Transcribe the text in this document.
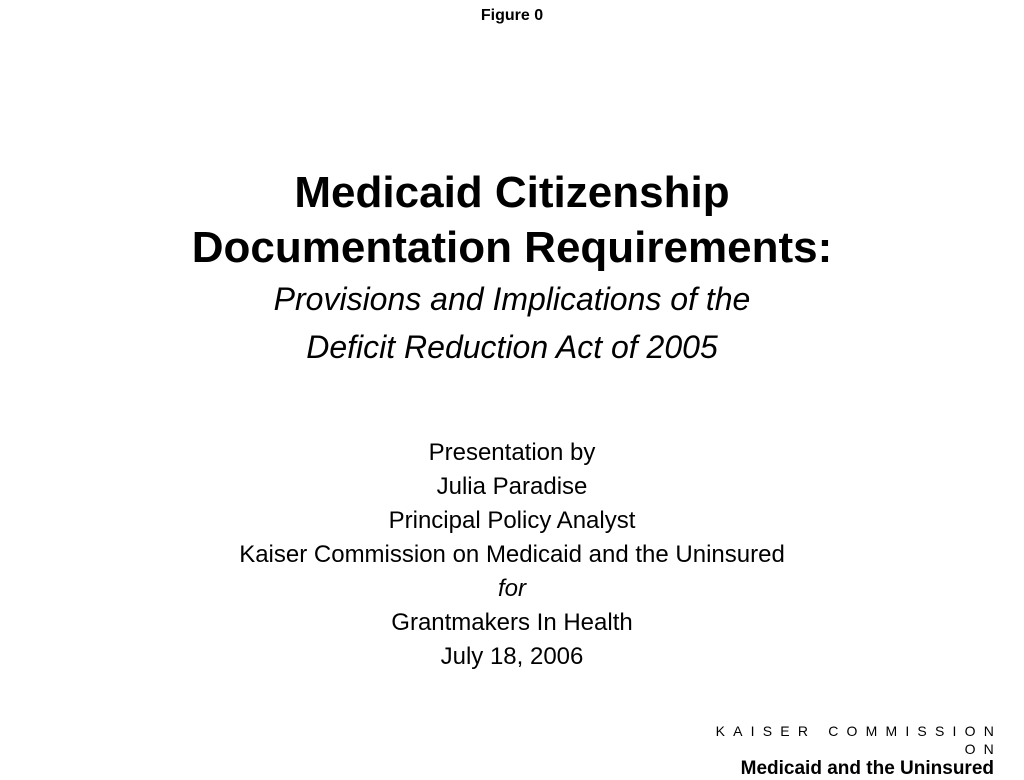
Figure 0
Medicaid Citizenship
Documentation Requirements:
Provisions and Implications of the
Deficit Reduction Act of 2005
Presentation by
Julia Paradise
Principal Policy Analyst
Kaiser Commission on Medicaid and the Uninsured
for
Grantmakers In Health
July 18, 2006
KAISER COMMISSION ON
Medicaid and the Uninsured
